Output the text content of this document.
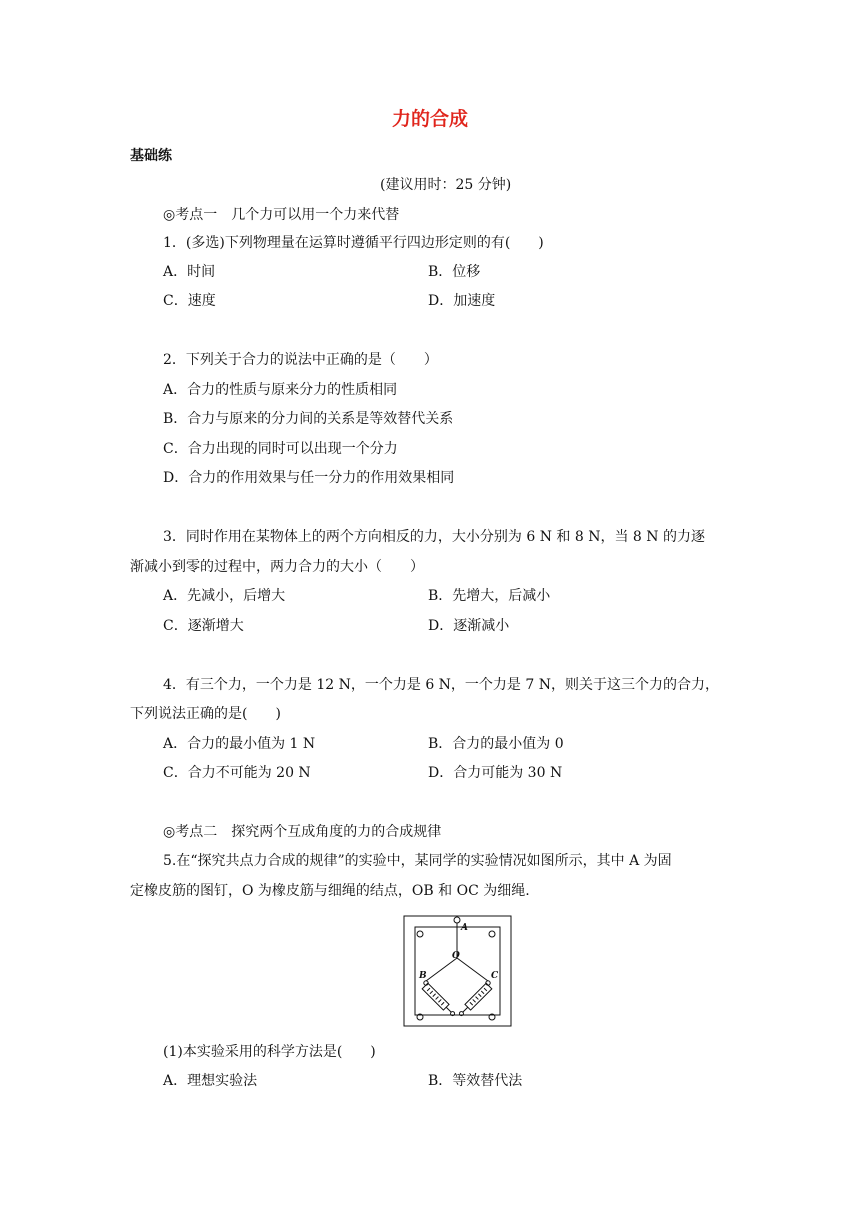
力的合成
基础练
(建议用时：25 分钟)
◎考点一　几个力可以用一个力来代替
1．(多选)下列物理量在运算时遵循平行四边形定则的有(　　)
A．时间	B．位移
C．速度	D．加速度
2．下列关于合力的说法中正确的是（　　）
A．合力的性质与原来分力的性质相同
B．合力与原来的分力间的关系是等效替代关系
C．合力出现的同时可以出现一个分力
D．合力的作用效果与任一分力的作用效果相同
3．同时作用在某物体上的两个方向相反的力，大小分别为 6 N 和 8 N，当 8 N 的力逐
渐减小到零的过程中，两力合力的大小（　　）
A．先减小，后增大	B．先增大，后减小
C．逐渐增大	D．逐渐减小
4．有三个力，一个力是 12 N，一个力是 6 N，一个力是 7 N，则关于这三个力的合力，
下列说法正确的是(　　)
A．合力的最小值为 1 N	B．合力的最小值为 0
C．合力不可能为 20 N	D．合力可能为 30 N
◎考点二　探究两个互成角度的力的合成规律
5.在“探究共点力合成的规律”的实验中，某同学的实验情况如图所示，其中 A 为固
定橡皮筋的图钉，O 为橡皮筋与细绳的结点，OB 和 OC 为细绳.
A
O
B	C
(1)本实验采用的科学方法是(　　)
A．理想实验法	B．等效替代法
